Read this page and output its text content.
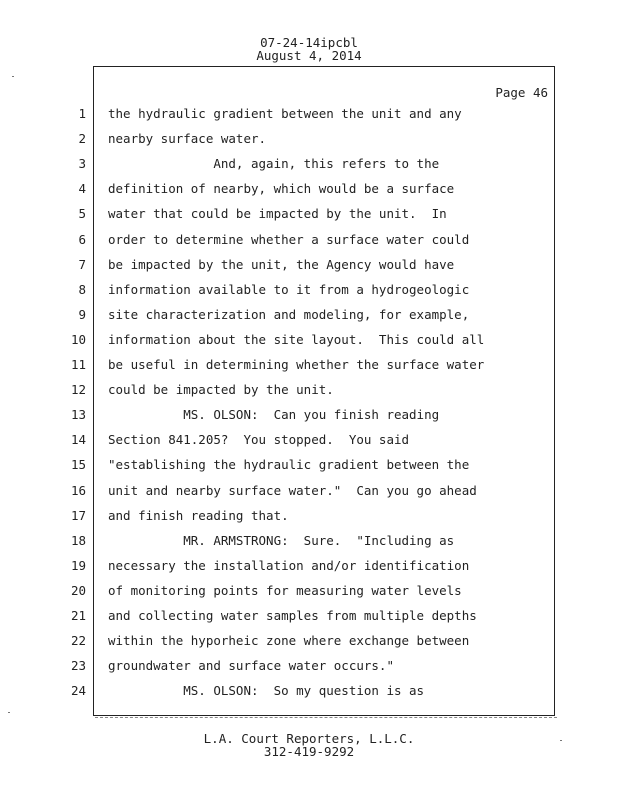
07-24-14ipcbl
August 4, 2014
Page 46
1 the hydraulic gradient between the unit and any
2 nearby surface water.
3 And, again, this refers to the
4 definition of nearby, which would be a surface
5 water that could be impacted by the unit.  In
6 order to determine whether a surface water could
7 be impacted by the unit, the Agency would have
8 information available to it from a hydrogeologic
9 site characterization and modeling, for example,
10 information about the site layout.  This could all
11 be useful in determining whether the surface water
12 could be impacted by the unit.
13 MS. OLSON:  Can you finish reading
14 Section 841.205?  You stopped.  You said
15 "establishing the hydraulic gradient between the
16 unit and nearby surface water."  Can you go ahead
17 and finish reading that.
18 MR. ARMSTRONG:  Sure.  "Including as
19 necessary the installation and/or identification
20 of monitoring points for measuring water levels
21 and collecting water samples from multiple depths
22 within the hyporheic zone where exchange between
23 groundwater and surface water occurs."
24 MS. OLSON:  So my question is as
L.A. Court Reporters, L.L.C.
312-419-9292
